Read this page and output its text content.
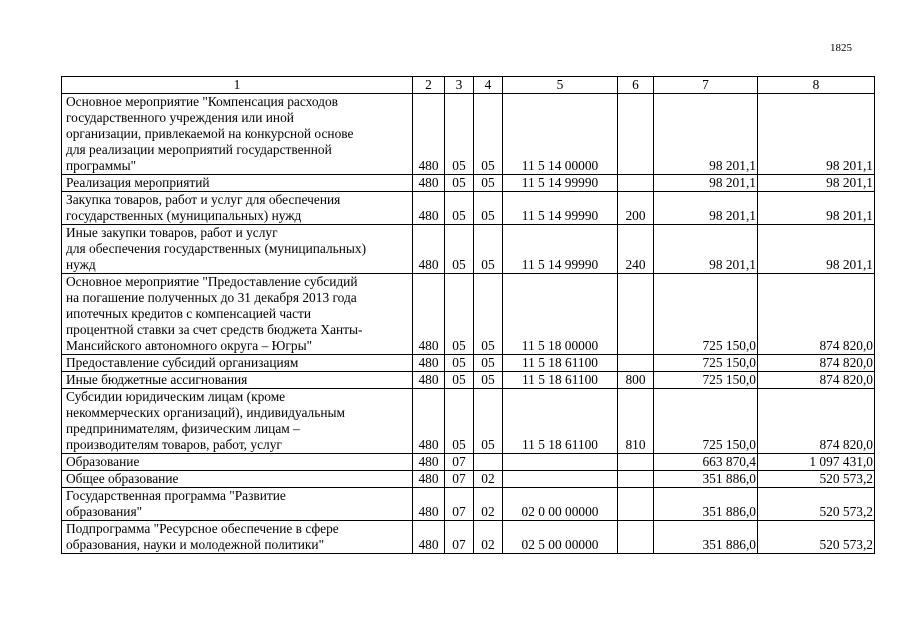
1825
1	2	3	4	5	6	7	8
Основное мероприятие "Компенсация расходов
государственного учреждения или иной
организации, привлекаемой на конкурсной основе
для реализации мероприятий государственной
программы"	480	05	05	11 5 14 00000		98 201,1	98 201,1
Реализация мероприятий	480	05	05	11 5 14 99990		98 201,1	98 201,1
Закупка товаров, работ и услуг для обеспечения
государственных (муниципальных) нужд	480	05	05	11 5 14 99990	200	98 201,1	98 201,1
Иные закупки товаров, работ и услуг
для обеспечения государственных (муниципальных)
нужд	480	05	05	11 5 14 99990	240	98 201,1	98 201,1
Основное мероприятие "Предоставление субсидий
на погашение полученных до 31 декабря 2013 года
ипотечных кредитов с компенсацией части
процентной ставки за счет средств бюджета Ханты-
Мансийского автономного округа – Югры"	480	05	05	11 5 18 00000		725 150,0	874 820,0
Предоставление субсидий организациям	480	05	05	11 5 18 61100		725 150,0	874 820,0
Иные бюджетные ассигнования	480	05	05	11 5 18 61100	800	725 150,0	874 820,0
Субсидии юридическим лицам (кроме
некоммерческих организаций), индивидуальным
предпринимателям, физическим лицам –
производителям товаров, работ, услуг	480	05	05	11 5 18 61100	810	725 150,0	874 820,0
Образование	480	07				663 870,4	1 097 431,0
Общее образование	480	07	02			351 886,0	520 573,2
Государственная программа "Развитие
образования"	480	07	02	02 0 00 00000		351 886,0	520 573,2
Подпрограмма "Ресурсное обеспечение в сфере
образования, науки и молодежной политики"	480	07	02	02 5 00 00000		351 886,0	520 573,2
